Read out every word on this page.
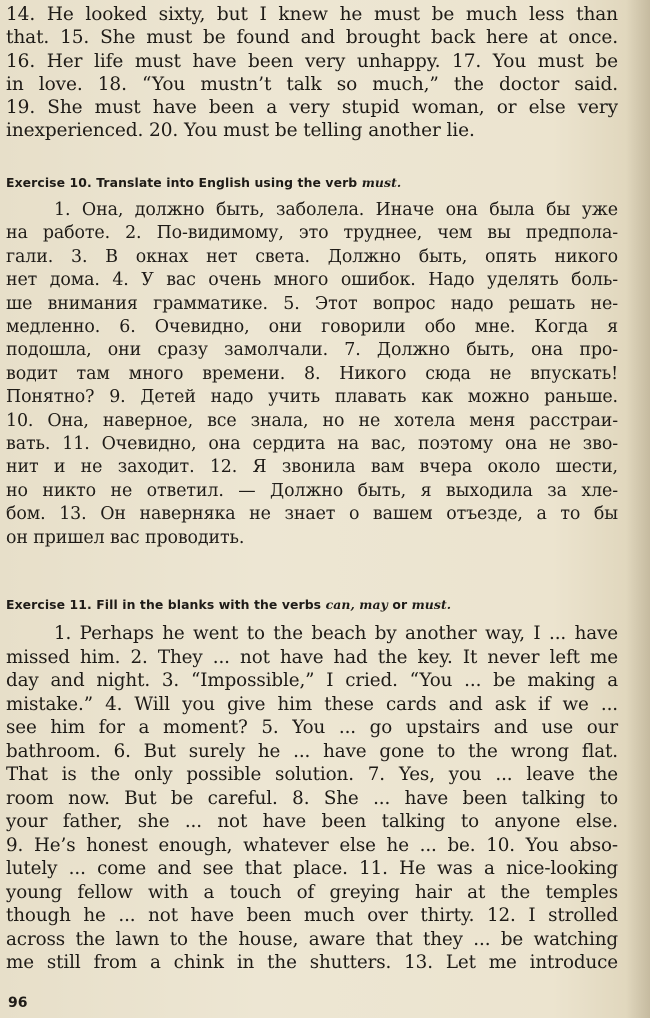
14. He looked sixty, but I knew he must be much less than
that. 15. She must be found and brought back here at once.
16. Her life must have been very unhappy. 17. You must be
in love. 18. “You mustn’t talk so much,” the doctor said.
19. She must have been a very stupid woman, or else very
inexperienced. 20. You must be telling another lie.
Exercise 10. Translate into English using the verb must.
1. Она, должно быть, заболела. Иначе она была бы уже
на работе. 2. По-видимому, это труднее, чем вы предпола-
гали. 3. В окнах нет света. Должно быть, опять никого
нет дома. 4. У вас очень много ошибок. Надо уделять боль-
ше внимания грамматике. 5. Этот вопрос надо решать не-
медленно. 6. Очевидно, они говорили обо мне. Когда я
подошла, они сразу замолчали. 7. Должно быть, она про-
водит там много времени. 8. Никого сюда не впускать!
Понятно? 9. Детей надо учить плавать как можно раньше.
10. Она, наверное, все знала, но не хотела меня расстраи-
вать. 11. Очевидно, она сердита на вас, поэтому она не зво-
нит и не заходит. 12. Я звонила вам вчера около шести,
но никто не ответил. — Должно быть, я выходила за хле-
бом. 13. Он наверняка не знает о вашем отъезде, а то бы
он пришел вас проводить.
Exercise 11. Fill in the blanks with the verbs can, may or must.
1. Perhaps he went to the beach by another way, I ... have
missed him. 2. They ... not have had the key. It never left me
day and night. 3. “Impossible,” I cried. “You ... be making a
mistake.” 4. Will you give him these cards and ask if we ...
see him for a moment? 5. You ... go upstairs and use our
bathroom. 6. But surely he ... have gone to the wrong flat.
That is the only possible solution. 7. Yes, you ... leave the
room now. But be careful. 8. She ... have been talking to
your father, she ... not have been talking to anyone else.
9. He’s honest enough, whatever else he ... be. 10. You abso-
lutely ... come and see that place. 11. He was a nice-looking
young fellow with a touch of greying hair at the temples
though he ... not have been much over thirty. 12. I strolled
across the lawn to the house, aware that they ... be watching
me still from a chink in the shutters. 13. Let me introduce
96
